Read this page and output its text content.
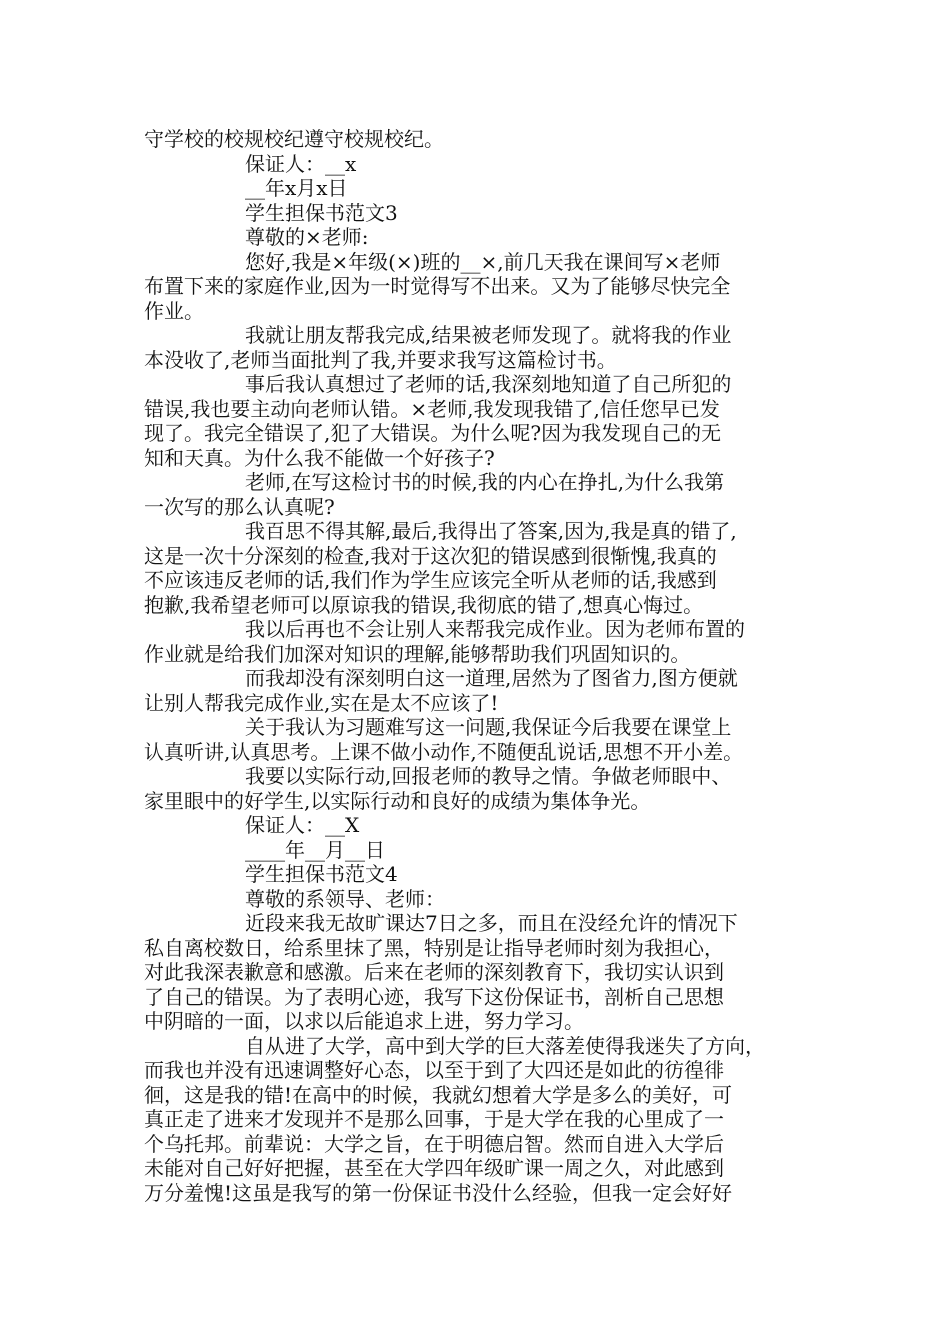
守学校的校规校纪遵守校规校纪。
保证人：__x
__年x月x日
学生担保书范文3
尊敬的×老师:
您好,我是×年级(×)班的__×,前几天我在课间写×老师
布置下来的家庭作业,因为一时觉得写不出来。又为了能够尽快完全
作业。
我就让朋友帮我完成,结果被老师发现了。就将我的作业
本没收了,老师当面批判了我,并要求我写这篇检讨书。
事后我认真想过了老师的话,我深刻地知道了自己所犯的
错误,我也要主动向老师认错。×老师,我发现我错了,信任您早已发
现了。我完全错误了,犯了大错误。为什么呢?因为我发现自己的无
知和天真。为什么我不能做一个好孩子?
老师,在写这检讨书的时候,我的内心在挣扎,为什么我第
一次写的那么认真呢?
我百思不得其解,最后,我得出了答案,因为,我是真的错了,
这是一次十分深刻的检查,我对于这次犯的错误感到很惭愧,我真的
不应该违反老师的话,我们作为学生应该完全听从老师的话,我感到
抱歉,我希望老师可以原谅我的错误,我彻底的错了,想真心悔过。
我以后再也不会让别人来帮我完成作业。因为老师布置的
作业就是给我们加深对知识的理解,能够帮助我们巩固知识的。
而我却没有深刻明白这一道理,居然为了图省力,图方便就
让别人帮我完成作业,实在是太不应该了!
关于我认为习题难写这一问题,我保证今后我要在课堂上
认真听讲,认真思考。上课不做小动作,不随便乱说话,思想不开小差。
我要以实际行动,回报老师的教导之情。争做老师眼中、
家里眼中的好学生,以实际行动和良好的成绩为集体争光。
保证人：__X
____年__月__日
学生担保书范文4
尊敬的系领导、老师：
近段来我无故旷课达7日之多，而且在没经允许的情况下
私自离校数日，给系里抹了黑，特别是让指导老师时刻为我担心，
对此我深表歉意和感激。后来在老师的深刻教育下，我切实认识到
了自己的错误。为了表明心迹，我写下这份保证书，剖析自己思想
中阴暗的一面，以求以后能追求上进，努力学习。
自从进了大学，高中到大学的巨大落差使得我迷失了方向，
而我也并没有迅速调整好心态，以至于到了大四还是如此的彷徨徘
徊，这是我的错!在高中的时候，我就幻想着大学是多么的美好，可
真正走了进来才发现并不是那么回事，于是大学在我的心里成了一
个乌托邦。前辈说：大学之旨，在于明德启智。然而自进入大学后
未能对自己好好把握，甚至在大学四年级旷课一周之久，对此感到
万分羞愧!这虽是我写的第一份保证书没什么经验，但我一定会好好
